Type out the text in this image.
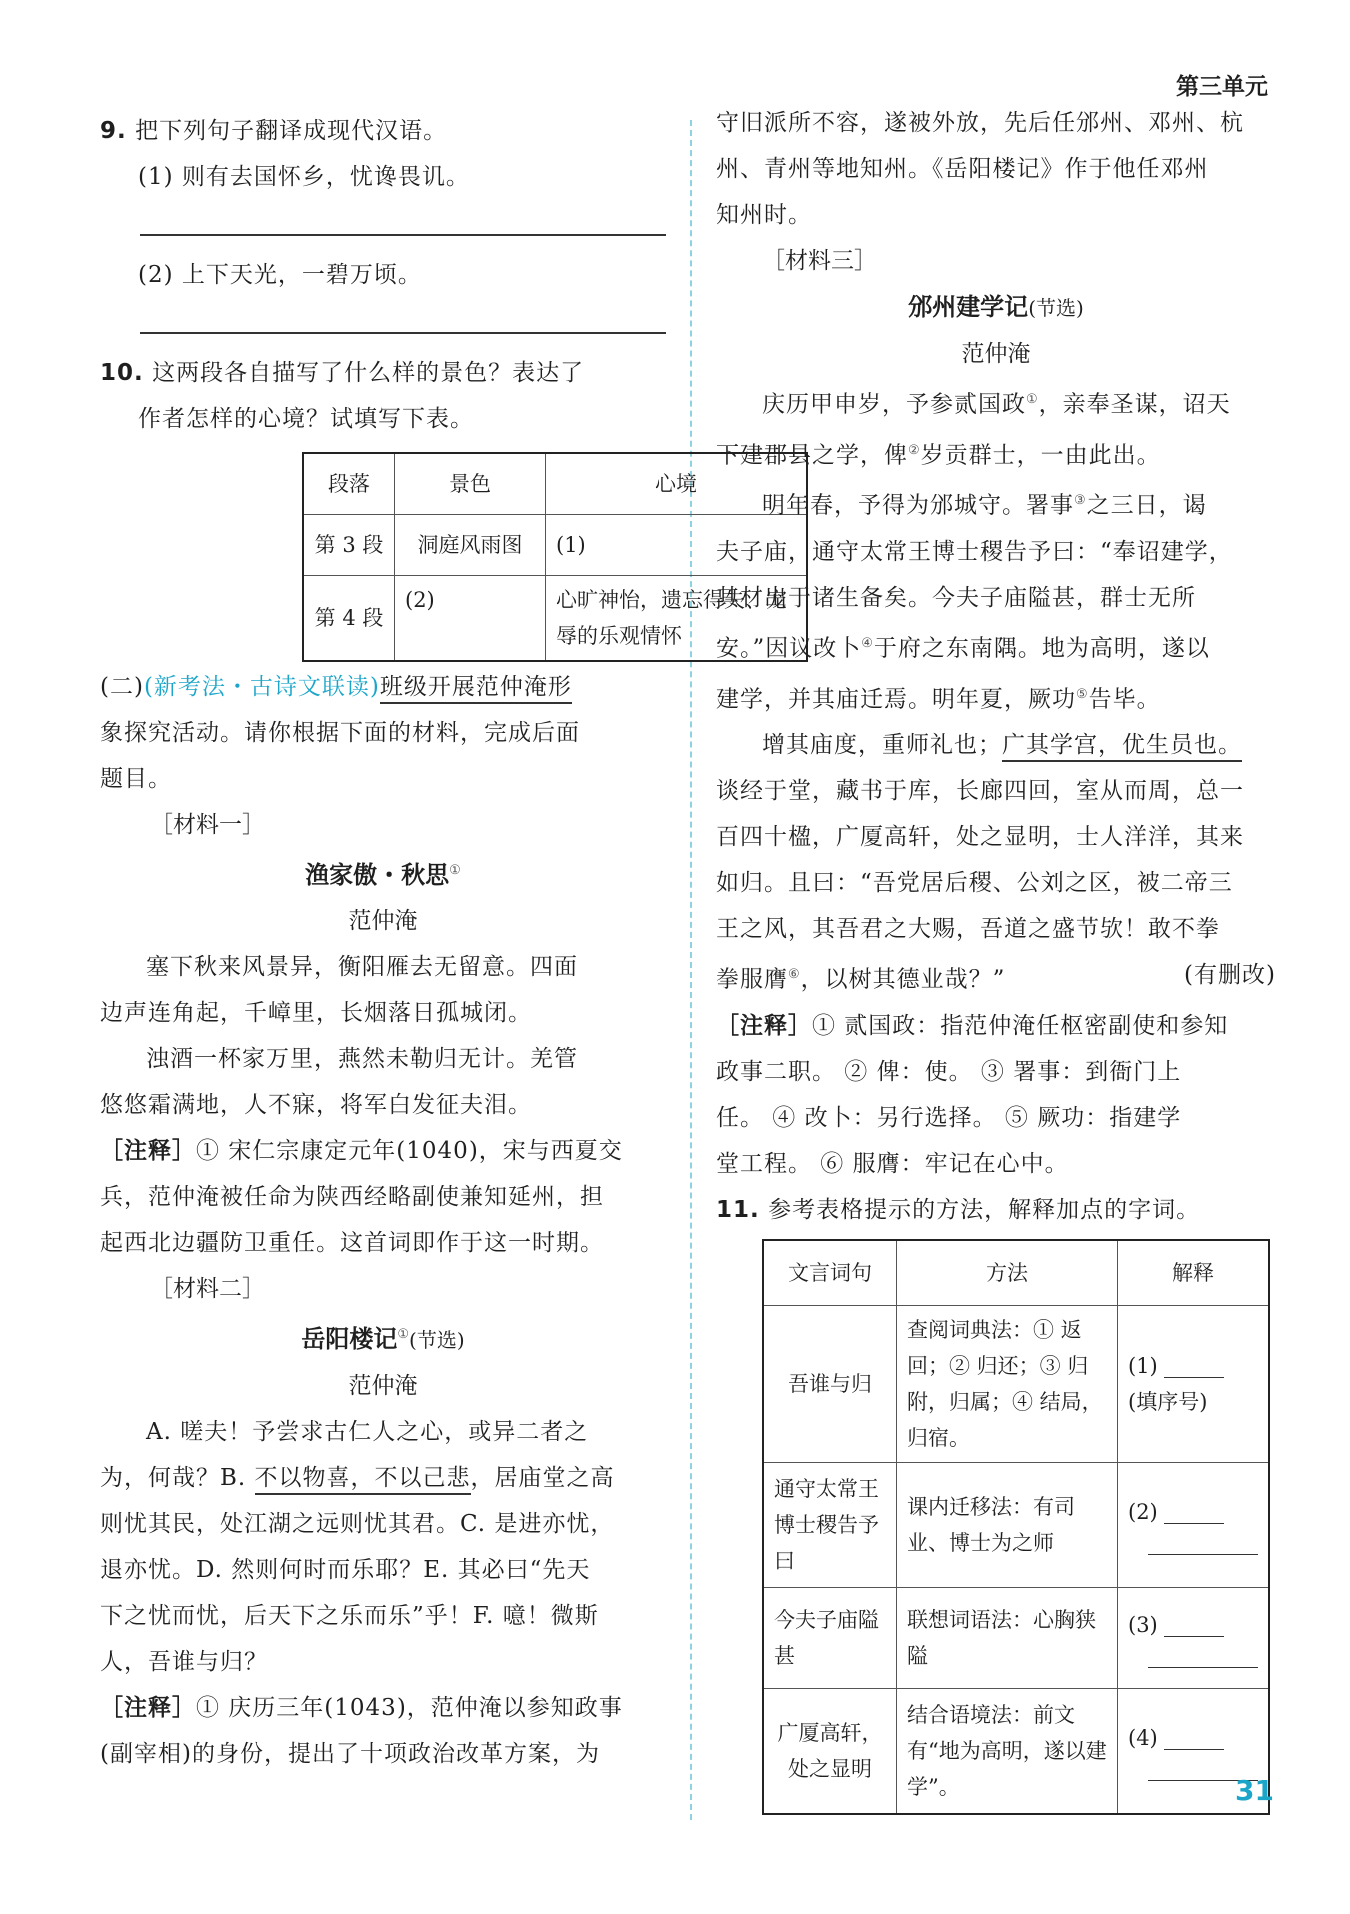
第三单元

9. 把下列句子翻译成现代汉语。

(1) 则有去国怀乡，忧谗畏讥。

(2) 上下天光，一碧万顷。

10. 这两段各自描写了什么样的景色？表达了

作者怎样的心境？试填写下表。

段落	景色	心境
第 3 段	洞庭风雨图	(1)
第 4 段	(2)	心旷神怡，遗忘得失、宠辱的乐观情怀

(二)(新考法・古诗文联读)班级开展范仲淹形

象探究活动。请你根据下面的材料，完成后面

题目。

［材料一］

渔家傲・秋思①

范仲淹

塞下秋来风景异，衡阳雁去无留意。四面

边声连角起，千嶂里，长烟落日孤城闭。

浊酒一杯家万里，燕然未勒归无计。羌管

悠悠霜满地，人不寐，将军白发征夫泪。

［注释］① 宋仁宗康定元年(1040)，宋与西夏交

兵，范仲淹被任命为陕西经略副使兼知延州，担

起西北边疆防卫重任。这首词即作于这一时期。

［材料二］

岳阳楼记①(节选)

范仲淹

A. 嗟夫！予尝求古仁人之心，或异二者之

为，何哉？B. 不以物喜，不以己悲，居庙堂之高

则忧其民，处江湖之远则忧其君。C. 是进亦忧，

退亦忧。D. 然则何时而乐耶？E. 其必曰“先天

下之忧而忧，后天下之乐而乐”乎！F. 噫！微斯

人，吾谁与归？

［注释］① 庆历三年(1043)，范仲淹以参知政事

(副宰相)的身份，提出了十项政治改革方案，为

守旧派所不容，遂被外放，先后任邠州、邓州、杭

州、青州等地知州。《岳阳楼记》作于他任邓州

知州时。

［材料三］

邠州建学记(节选)

范仲淹

庆历甲申岁，予参贰国政①，亲奉圣谋，诏天

下建郡县之学，俾②岁贡群士，一由此出。

明年春，予得为邠城守。署事③之三日，谒

夫子庙，通守太常王博士稷告予曰：“奉诏建学，

其材出于诸生备矣。今夫子庙隘甚，群士无所

安。”因议改卜④于府之东南隅。地为高明，遂以

建学，并其庙迁焉。明年夏，厥功⑤告毕。

增其庙度，重师礼也；广其学宫，优生员也。

谈经于堂，藏书于库，长廊四回，室从而周，总一

百四十楹，广厦高轩，处之显明，士人洋洋，其来

如归。且曰：“吾党居后稷、公刘之区，被二帝三

王之风，其吾君之大赐，吾道之盛节欤！敢不拳

拳服膺⑥，以树其德业哉？”	(有删改)

［注释］① 贰国政：指范仲淹任枢密副使和参知

政事二职。 ② 俾：使。 ③ 署事：到衙门上

任。 ④ 改卜：另行选择。 ⑤ 厥功：指建学

堂工程。 ⑥ 服膺：牢记在心中。

11. 参考表格提示的方法，解释加点的字词。

文言词句	方法	解释
吾谁与归	查阅词典法：① 返回；② 归还；③ 归附，归属；④ 结局，归宿。	(1)
(填序号)
通守太常王博士稷告予曰	课内迁移法：有司业、博士为之师	(2)

今夫子庙隘甚	联想词语法：心胸狭隘	(3)

广厦高轩，处之显明	结合语境法：前文有“地为高明，遂以建学”。	(4)
31
